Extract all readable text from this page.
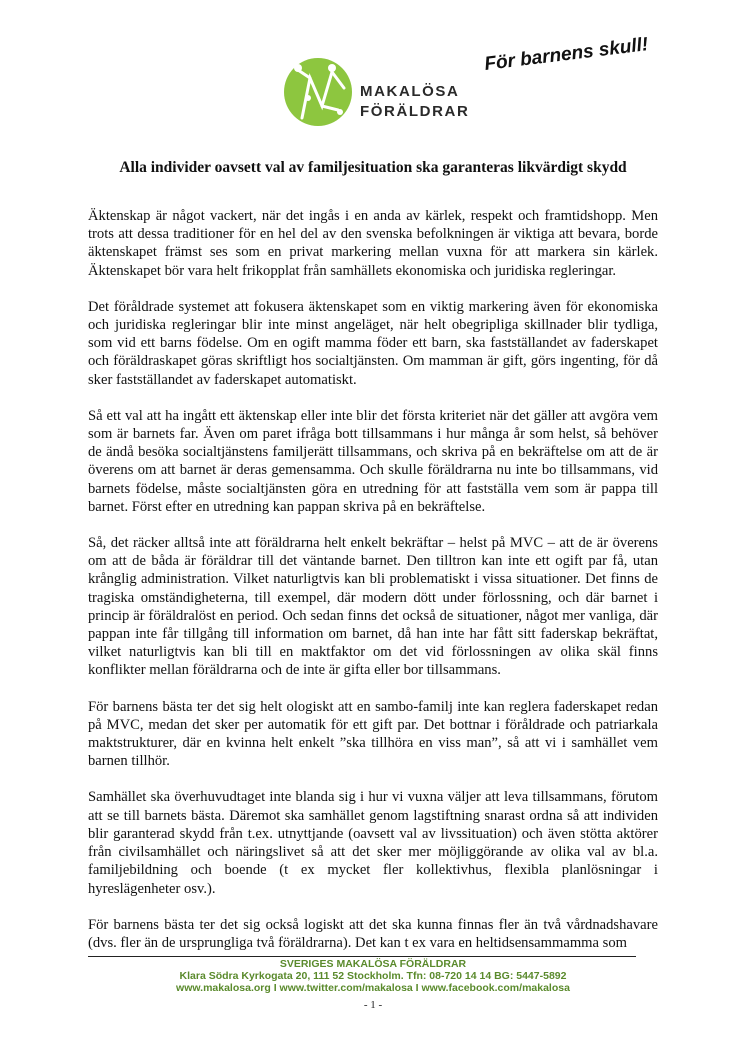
MAKALÖSA
FÖRÄLDRAR
För barnens skull!
Alla individer oavsett val av familjesituation ska garanteras likvärdigt skydd

Äktenskap är något vackert, när det ingås i en anda av kärlek, respekt och framtidshopp. Men trots att dessa traditioner för en hel del av den svenska befolkningen är viktiga att bevara, borde äktenskapet främst ses som en privat markering mellan vuxna för att markera sin kärlek. Äktenskapet bör vara helt frikopplat från samhällets ekonomiska och juridiska regleringar.

Det föråldrade systemet att fokusera äktenskapet som en viktig markering även för ekonomiska och juridiska regleringar blir inte minst angeläget, när helt obegripliga skillnader blir tydliga, som vid ett barns födelse. Om en ogift mamma föder ett barn, ska fastställandet av faderskapet och föräldraskapet göras skriftligt hos socialtjänsten. Om mamman är gift, görs ingenting, för då sker fastställandet av faderskapet automatiskt.

Så ett val att ha ingått ett äktenskap eller inte blir det första kriteriet när det gäller att avgöra vem som är barnets far. Även om paret ifråga bott tillsammans i hur många år som helst, så behöver de ändå besöka socialtjänstens familjerätt tillsammans, och skriva på en bekräftelse om att de är överens om att barnet är deras gemensamma. Och skulle föräldrarna nu inte bo tillsammans, vid barnets födelse, måste socialtjänsten göra en utredning för att fastställa vem som är pappa till barnet. Först efter en utredning kan pappan skriva på en bekräftelse.

Så, det räcker alltså inte att föräldrarna helt enkelt bekräftar – helst på MVC – att de är överens om att de båda är föräldrar till det väntande barnet. Den tilltron kan inte ett ogift par få, utan krånglig administration. Vilket naturligtvis kan bli problematiskt i vissa situationer. Det finns de tragiska omständigheterna, till exempel, där modern dött under förlossning, och där barnet i princip är föräldralöst en period. Och sedan finns det också de situationer, något mer vanliga, där pappan inte får tillgång till information om barnet, då han inte har fått sitt faderskap bekräftat, vilket naturligtvis kan bli till en maktfaktor om det vid förlossningen av olika skäl finns konflikter mellan föräldrarna och de inte är gifta eller bor tillsammans.

För barnens bästa ter det sig helt ologiskt att en sambo-familj inte kan reglera faderskapet redan på MVC, medan det sker per automatik för ett gift par. Det bottnar i föråldrade och patriarkala maktstrukturer, där en kvinna helt enkelt ”ska tillhöra en viss man”, så att vi i samhället vem barnen tillhör.

Samhället ska överhuvudtaget inte blanda sig i hur vi vuxna väljer att leva tillsammans, förutom att se till barnets bästa. Däremot ska samhället genom lagstiftning snarast ordna så att individen blir garanterad skydd från t.ex. utnyttjande (oavsett val av livssituation) och även stötta aktörer från civilsamhället och näringslivet så att det sker mer möjliggörande av olika val av bl.a. familjebildning och boende (t ex mycket fler kollektivhus, flexibla planlösningar i hyreslägenheter osv.).

För barnens bästa ter det sig också logiskt att det ska kunna finnas fler än två vårdnadshavare (dvs. fler än de ursprungliga två föräldrarna). Det kan t ex vara en heltidsensammamma som

SVERIGES MAKALÖSA FÖRÄLDRAR
Klara Södra Kyrkogata 20, 111 52 Stockholm. Tfn: 08-720 14 14 BG: 5447-5892
www.makalosa.org I www.twitter.com/makalosa I www.facebook.com/makalosa
- 1 -
